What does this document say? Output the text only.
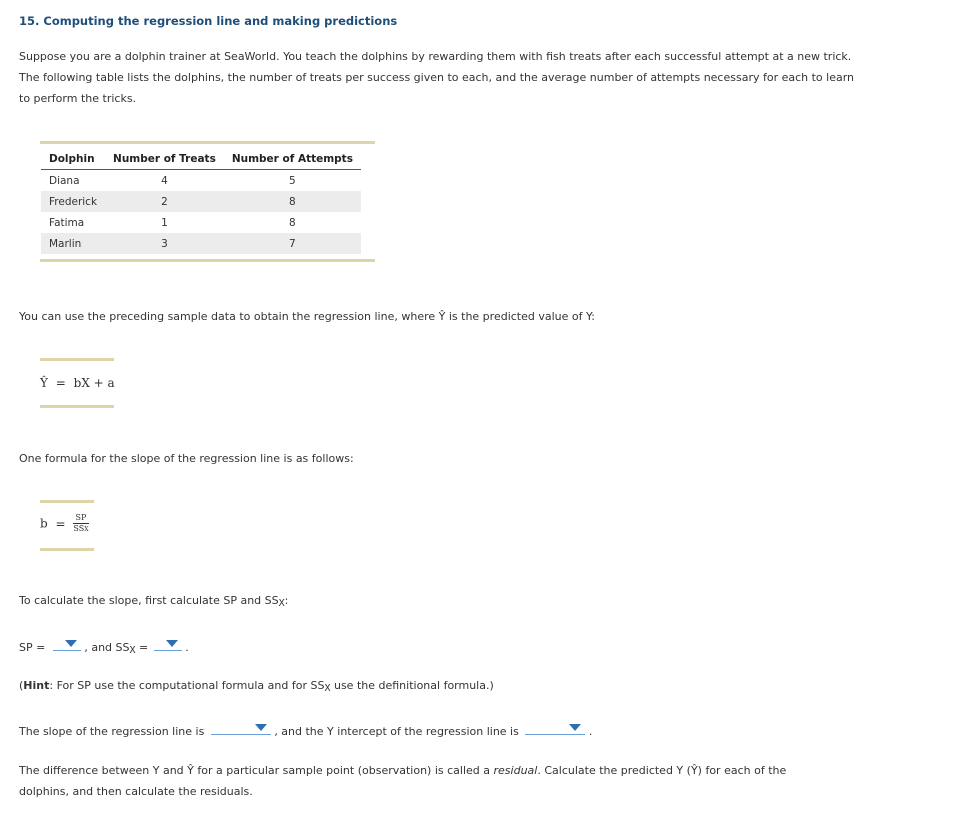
15. Computing the regression line and making predictions
Suppose you are a dolphin trainer at SeaWorld. You teach the dolphins by rewarding them with fish treats after each successful attempt at a new trick. The following table lists the dolphins, the number of treats per success given to each, and the average number of attempts necessary for each to learn to perform the tricks.
Dolphin	Number of Treats	Number of Attempts
Diana	4	5
Frederick	2	8
Fatima	1	8
Marlin	3	7
You can use the preceding sample data to obtain the regression line, where Ŷ is the predicted value of Y:
Ŷ = bX + a
One formula for the slope of the regression line is as follows:
$b = \frac{SP}{\text{SSX}}$
To calculate the slope, first calculate SP and SSX:
SP =	, and SSX =	.
(Hint: For SP use the computational formula and for SSX use the definitional formula.)
The slope of the regression line is	, and the Y intercept of the regression line is	.
The difference between Y and Ŷ for a particular sample point (observation) is called a residual. Calculate the predicted Y (Ŷ) for each of the dolphins, and then calculate the residuals.
